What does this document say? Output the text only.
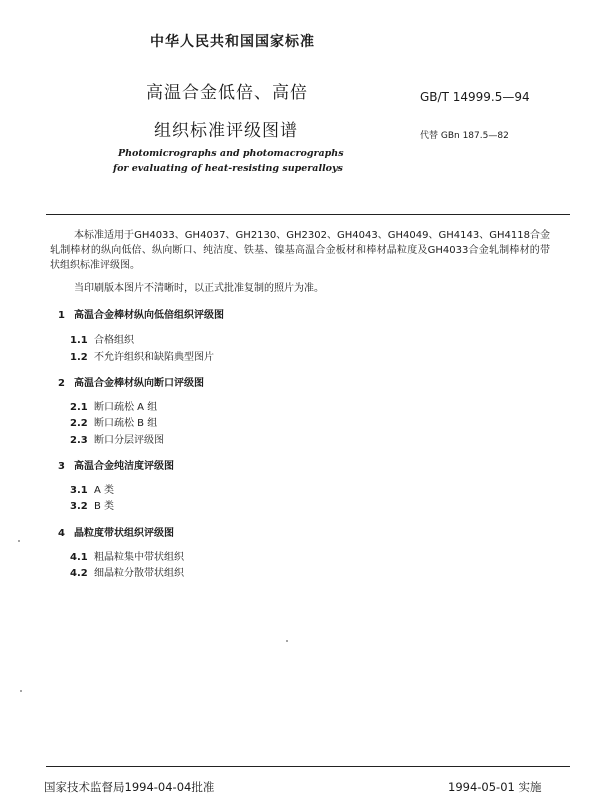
中华人民共和国国家标准
高温合金低倍、高倍
组织标准评级图谱
GB/T 14999.5—94
代替 GBn 187.5—82
Photomicrographs and photomacrographs
for evaluating of heat-resisting superalloys

本标准适用于GH4033、GH4037、GH2130、GH2302、GH4043、GH4049、GH4143、GH4118合金轧制棒材的纵向低倍、纵向断口、纯洁度、铁基、镍基高温合金板材和棒材晶粒度及GH4033合金轧制棒材的带状组织标准评级图。

当印刷版本图片不清晰时，以正式批准复制的照片为准。
1 高温合金棒材纵向低倍组织评级图
1.1 合格组织
1.2 不允许组织和缺陷典型图片
2 高温合金棒材纵向断口评级图
2.1 断口疏松 A 组
2.2 断口疏松 B 组
2.3 断口分层评级图
3 高温合金纯洁度评级图
3.1 A 类
3.2 B 类
4 晶粒度带状组织评级图
4.1 粗晶粒集中带状组织
4.2 细晶粒分散带状组织
国家技术监督局1994-04-04批准	1994-05-01 实施
